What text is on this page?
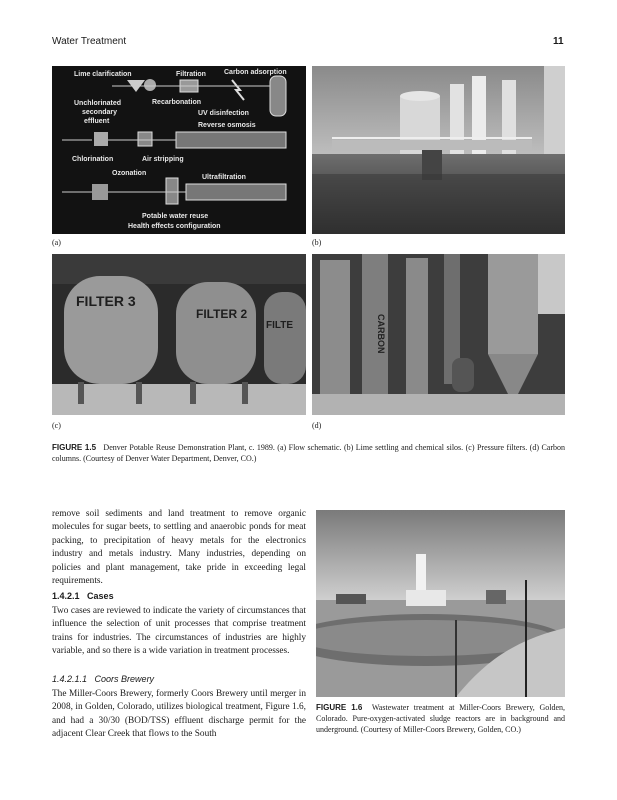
Water Treatment	11
Lime clarification	Filtration	Carbon adsorption
Unchlorinated
secondary
effluent
Recarbonation
UV disinfection
Reverse osmosis
Chlorination	Air stripping
Ozonation
Ultrafiltration
Potable water reuse
Health effects configuration
(a)	(b)
FILTER 3
FILTER 2
FILTE
(c)
CARBON
(d)
FIGURE 1.5 Denver Potable Reuse Demonstration Plant, c. 1989. (a) Flow schematic. (b) Lime settling and chemical silos. (c) Pressure filters. (d) Carbon columns. (Courtesy of Denver Water Department, Denver, CO.)

remove soil sediments and land treatment to remove organic molecules for sugar beets, to settling and anaerobic ponds for meat packing, to precipitation of heavy metals for the electronics industry and metals industry. Many industries, depending on policies and plant management, take pride in exceeding legal requirements.

1.4.2.1 Cases

Two cases are reviewed to indicate the variety of circumstances that influence the selection of unit processes that comprise treatment trains for industries. The circumstances of industries are highly variable, and so there is a wide variation in treatment processes.

1.4.2.1.1 Coors Brewery

The Miller-Coors Brewery, formerly Coors Brewery until merger in 2008, in Golden, Colorado, utilizes biological treatment, Figure 1.6, and had a 30/30 (BOD/TSS) effluent discharge permit for the adjacent Clear Creek that flows to the South

FIGURE 1.6 Wastewater treatment at Miller-Coors Brewery, Golden, Colorado. Pure-oxygen-activated sludge reactors are in background and underground. (Courtesy of Miller-Coors Brewery, Golden, CO.)
